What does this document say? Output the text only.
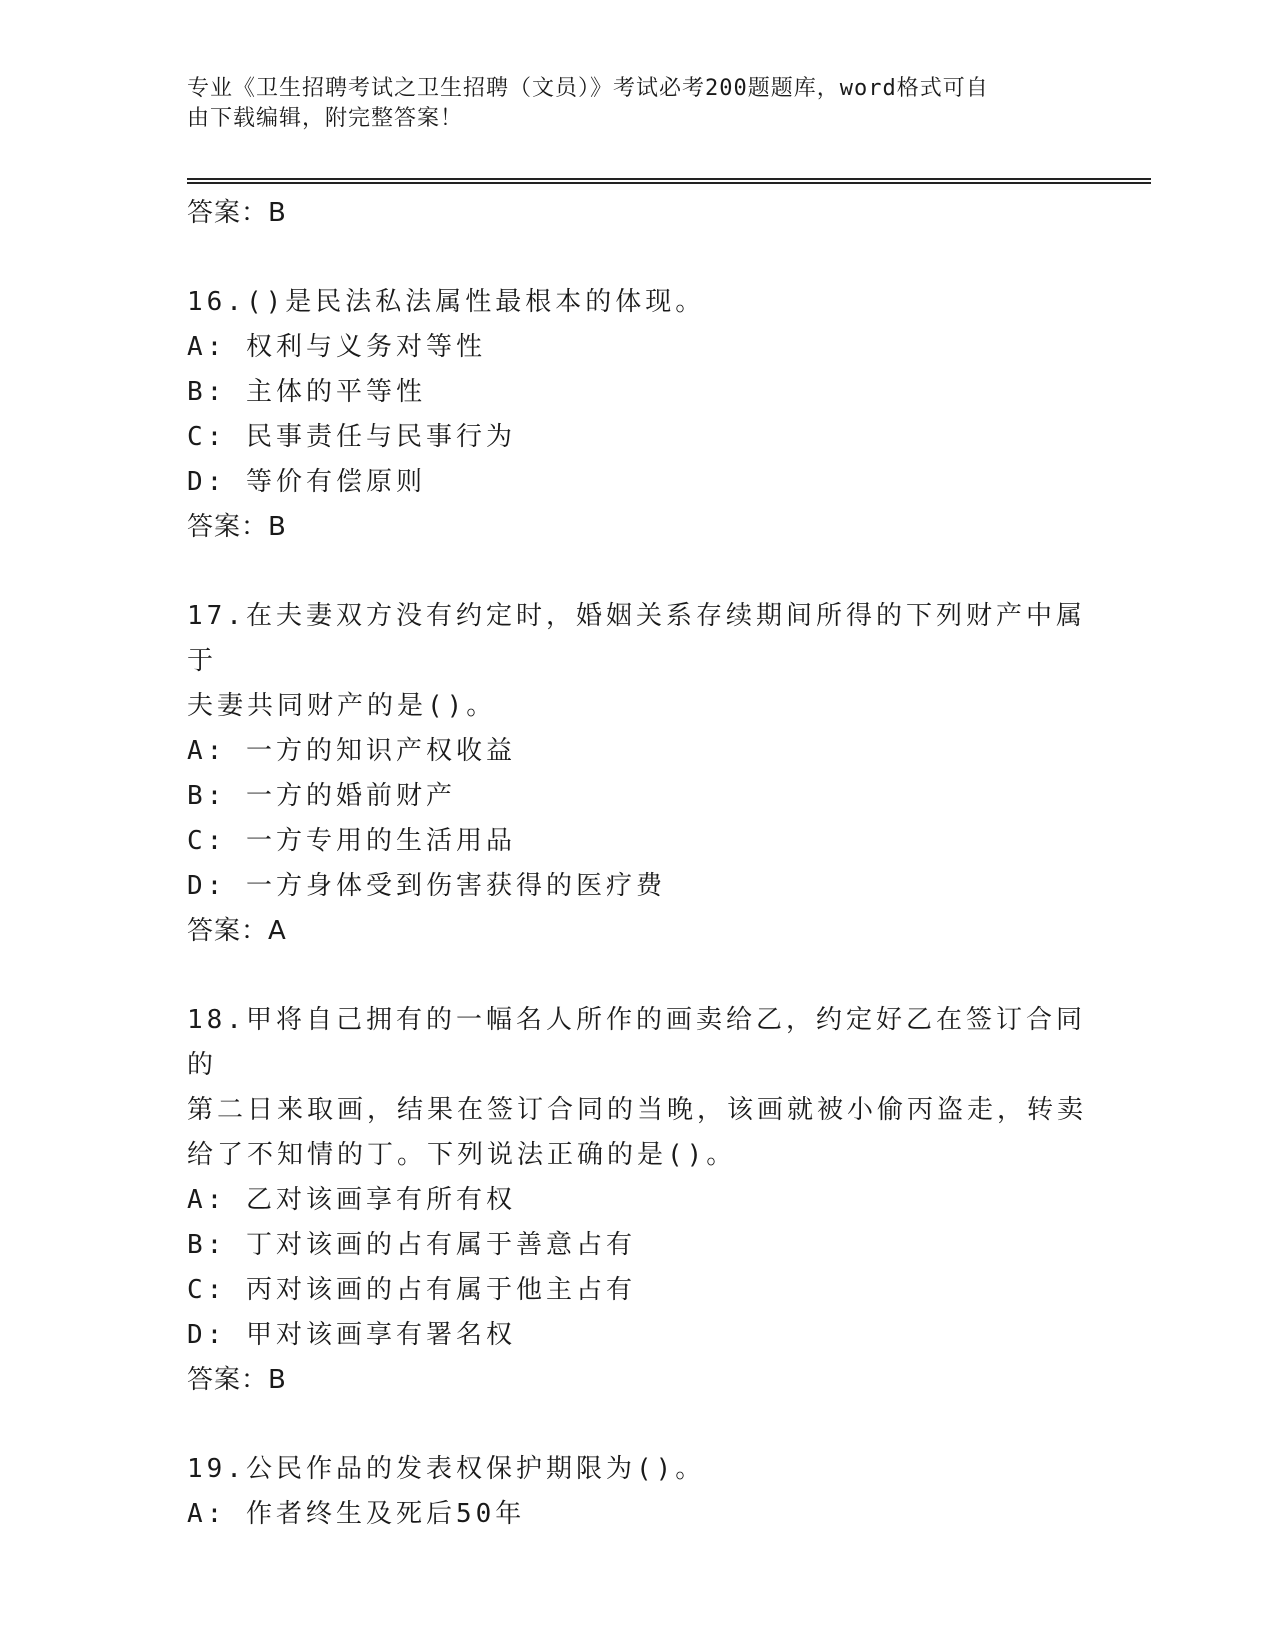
专业《卫生招聘考试之卫生招聘（文员）》考试必考200题题库，word格式可自
由下载编辑，附完整答案！
答案：B
16.()是民法私法属性最根本的体现。
A: 权利与义务对等性
B: 主体的平等性
C: 民事责任与民事行为
D: 等价有偿原则
答案：B
17.在夫妻双方没有约定时，婚姻关系存续期间所得的下列财产中属于
夫妻共同财产的是()。
A: 一方的知识产权收益
B: 一方的婚前财产
C: 一方专用的生活用品
D: 一方身体受到伤害获得的医疗费
答案：A
18.甲将自己拥有的一幅名人所作的画卖给乙，约定好乙在签订合同的
第二日来取画，结果在签订合同的当晚，该画就被小偷丙盗走，转卖
给了不知情的丁。下列说法正确的是()。
A: 乙对该画享有所有权
B: 丁对该画的占有属于善意占有
C: 丙对该画的占有属于他主占有
D: 甲对该画享有署名权
答案：B
19.公民作品的发表权保护期限为()。
A: 作者终生及死后50年
